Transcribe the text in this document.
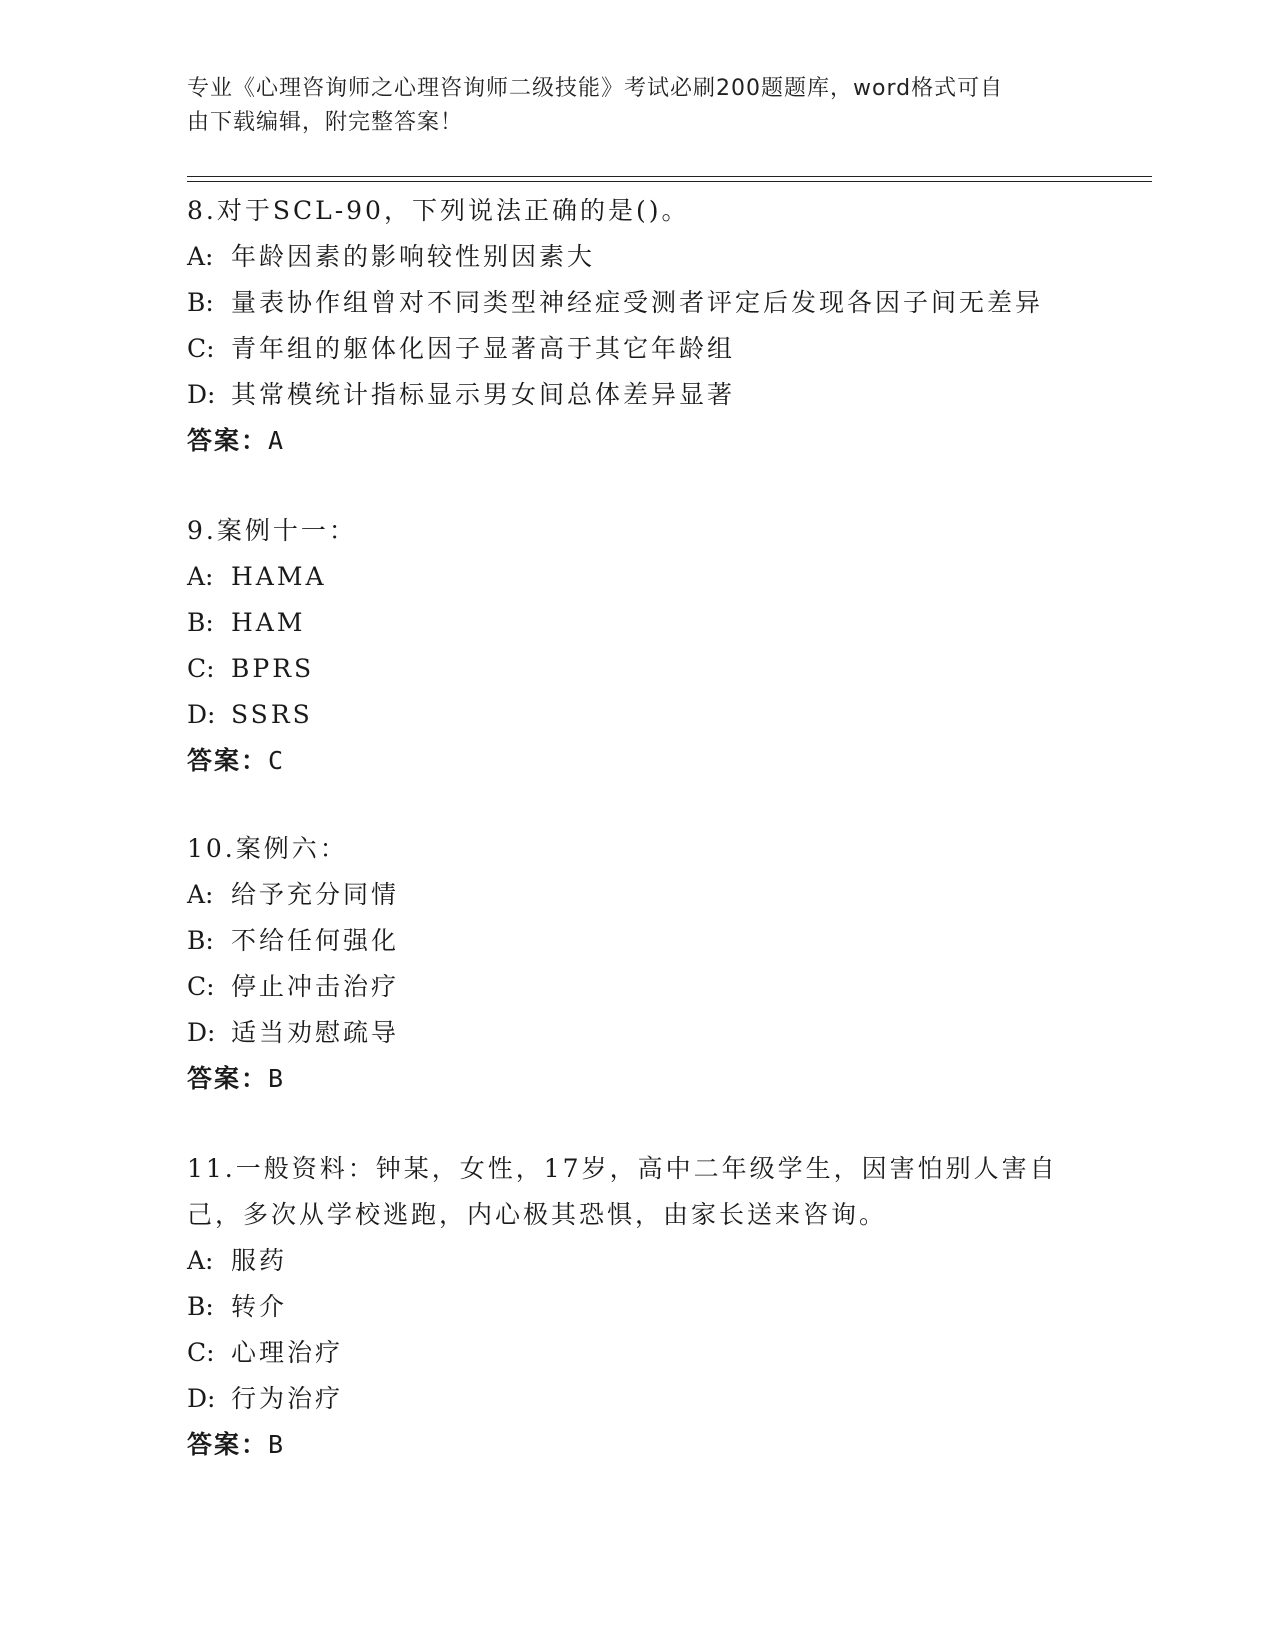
专业《心理咨询师之心理咨询师二级技能》考试必刷200题题库，word格式可自
由下载编辑，附完整答案！
8.对于SCL-90，下列说法正确的是()。
A: 年龄因素的影响较性别因素大
B: 量表协作组曾对不同类型神经症受测者评定后发现各因子间无差异
C: 青年组的躯体化因子显著高于其它年龄组
D: 其常模统计指标显示男女间总体差异显著
答案：A
9.案例十一：
A: HAMA
B: HAM
C: BPRS
D: SSRS
答案：C
10.案例六：
A: 给予充分同情
B: 不给任何强化
C: 停止冲击治疗
D: 适当劝慰疏导
答案：B
11.一般资料：钟某，女性，17岁，高中二年级学生，因害怕别人害自
己，多次从学校逃跑，内心极其恐惧，由家长送来咨询。
A: 服药
B: 转介
C: 心理治疗
D: 行为治疗
答案：B
